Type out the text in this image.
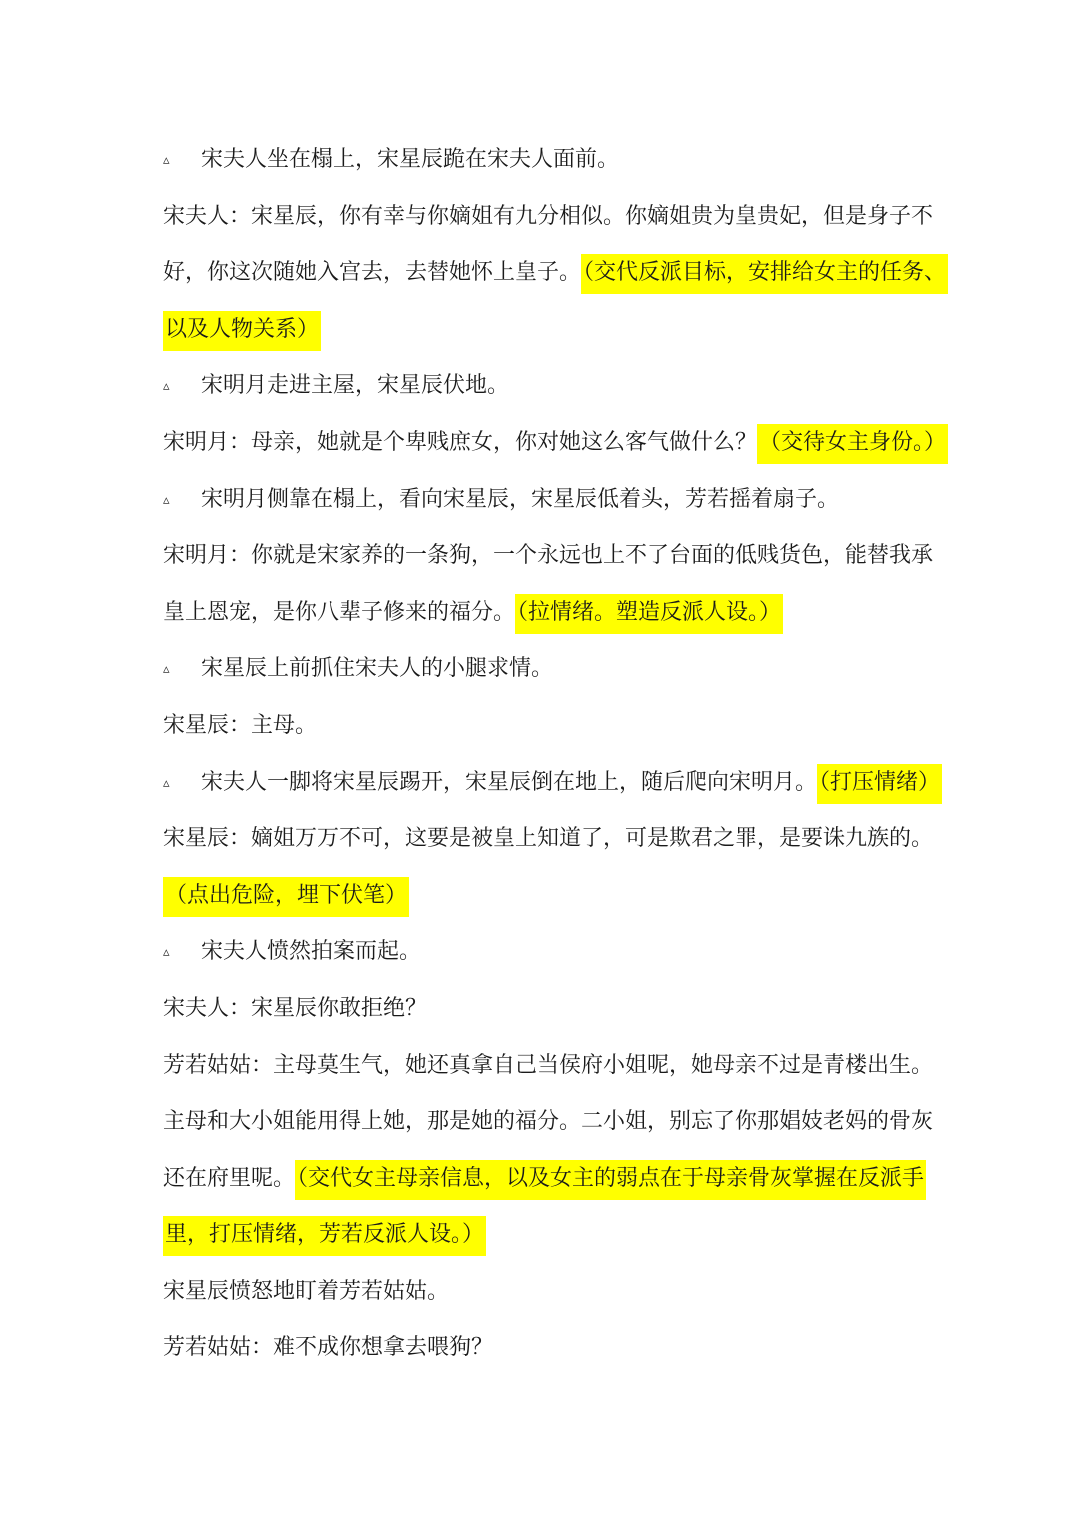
▵ 宋夫人坐在榻上，宋星辰跪在宋夫人面前。
宋夫人：宋星辰，你有幸与你嫡姐有九分相似。你嫡姐贵为皇贵妃，但是身子不
好，你这次随她入宫去，去替她怀上皇子。（交代反派目标，安排给女主的任务、
以及人物关系）
▵ 宋明月走进主屋，宋星辰伏地。
宋明月：母亲，她就是个卑贱庶女，你对她这么客气做什么？（交待女主身份。）
▵ 宋明月侧靠在榻上，看向宋星辰，宋星辰低着头，芳若摇着扇子。
宋明月：你就是宋家养的一条狗，一个永远也上不了台面的低贱货色，能替我承
皇上恩宠，是你八辈子修来的福分。（拉情绪。塑造反派人设。）
▵ 宋星辰上前抓住宋夫人的小腿求情。
宋星辰：主母。
▵ 宋夫人一脚将宋星辰踢开，宋星辰倒在地上，随后爬向宋明月。（打压情绪）
宋星辰：嫡姐万万不可，这要是被皇上知道了，可是欺君之罪，是要诛九族的。
（点出危险，埋下伏笔）
▵ 宋夫人愤然拍案而起。
宋夫人：宋星辰你敢拒绝？
芳若姑姑：主母莫生气，她还真拿自己当侯府小姐呢，她母亲不过是青楼出生。
主母和大小姐能用得上她，那是她的福分。二小姐，别忘了你那娼妓老妈的骨灰
还在府里呢。（交代女主母亲信息，以及女主的弱点在于母亲骨灰掌握在反派手
里，打压情绪，芳若反派人设。）
宋星辰愤怒地盯着芳若姑姑。
芳若姑姑：难不成你想拿去喂狗？
